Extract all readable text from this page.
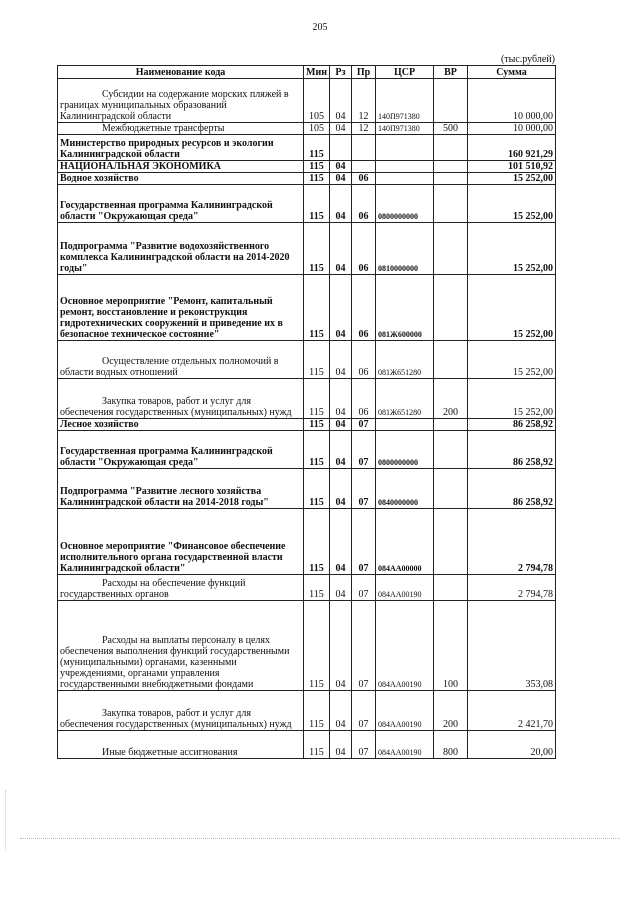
205
(тыс.рублей)
Наименование кода	Мин	Рз	Пр	ЦСР	ВР	Сумма
Субсидии на содержание морских пляжей в границах муниципальных образований Калининградской области	105	04	12	140П971380		10 000,00
Межбюджетные трансферты	105	04	12	140П971380	500	10 000,00
Министерство природных ресурсов и экологии Калининградской области	115					160 921,29
НАЦИОНАЛЬНАЯ ЭКОНОМИКА	115	04				101 510,92
Водное хозяйство	115	04	06			15 252,00
Государственная программа Калининградской области "Окружающая среда"	115	04	06	0800000000		15 252,00
Подпрограмма "Развитие водохозяйственного комплекса Калининградской области на 2014-2020 годы"	115	04	06	0810000000		15 252,00
Основное мероприятие "Ремонт, капитальный ремонт, восстановление и реконструкция гидротехнических сооружений и приведение их в безопасное техническое состояние"	115	04	06	081Ж600000		15 252,00
Осуществление отдельных полномочий в области водных отношений	115	04	06	081Ж651280		15 252,00
Закупка товаров, работ и услуг для обеспечения государственных (муниципальных) нужд	115	04	06	081Ж651280	200	15 252,00
Лесное хозяйство	115	04	07			86 258,92
Государственная программа Калининградской области "Окружающая среда"	115	04	07	0800000000		86 258,92
Подпрограмма "Развитие лесного хозяйства Калининградской области на 2014-2018 годы"	115	04	07	0840000000		86 258,92
Основное мероприятие "Финансовое обеспечение исполнительного органа государственной власти Калининградской области"	115	04	07	084АА00000		2 794,78
Расходы на обеспечение функций государственных органов	115	04	07	084АА00190		2 794,78
Расходы на выплаты персоналу в целях обеспечения выполнения функций государственными (муниципальными) органами, казенными учреждениями, органами управления государственными внебюджетными фондами	115	04	07	084АА00190	100	353,08
Закупка товаров, работ и услуг для обеспечения государственных (муниципальных) нужд	115	04	07	084АА00190	200	2 421,70
Иные бюджетные ассигнования	115	04	07	084АА00190	800	20,00
